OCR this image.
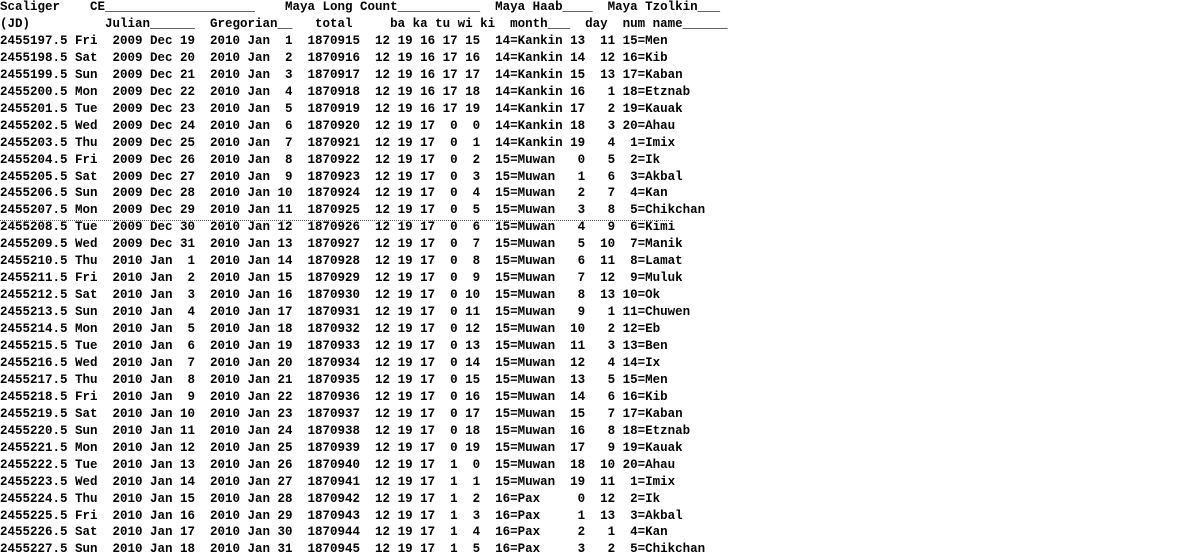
Scaliger    CE____________________    Maya Long Count___________  Maya Haab____  Maya Tzolkin___
(JD)          Julian______  Gregorian__   total     ba ka tu wi ki  month___  day  num name______
2455197.5 Fri  2009 Dec 19  2010 Jan  1  1870915  12 19 16 17 15  14=Kankin 13  11 15=Men
2455198.5 Sat  2009 Dec 20  2010 Jan  2  1870916  12 19 16 17 16  14=Kankin 14  12 16=Kib
2455199.5 Sun  2009 Dec 21  2010 Jan  3  1870917  12 19 16 17 17  14=Kankin 15  13 17=Kaban
2455200.5 Mon  2009 Dec 22  2010 Jan  4  1870918  12 19 16 17 18  14=Kankin 16   1 18=Etznab
2455201.5 Tue  2009 Dec 23  2010 Jan  5  1870919  12 19 16 17 19  14=Kankin 17   2 19=Kauak
2455202.5 Wed  2009 Dec 24  2010 Jan  6  1870920  12 19 17  0  0  14=Kankin 18   3 20=Ahau
2455203.5 Thu  2009 Dec 25  2010 Jan  7  1870921  12 19 17  0  1  14=Kankin 19   4  1=Imix
2455204.5 Fri  2009 Dec 26  2010 Jan  8  1870922  12 19 17  0  2  15=Muwan   0   5  2=Ik
2455205.5 Sat  2009 Dec 27  2010 Jan  9  1870923  12 19 17  0  3  15=Muwan   1   6  3=Akbal
2455206.5 Sun  2009 Dec 28  2010 Jan 10  1870924  12 19 17  0  4  15=Muwan   2   7  4=Kan
2455207.5 Mon  2009 Dec 29  2010 Jan 11  1870925  12 19 17  0  5  15=Muwan   3   8  5=Chikchan
2455208.5 Tue  2009 Dec 30  2010 Jan 12  1870926  12 19 17  0  6  15=Muwan   4   9  6=Kimi
2455209.5 Wed  2009 Dec 31  2010 Jan 13  1870927  12 19 17  0  7  15=Muwan   5  10  7=Manik
2455210.5 Thu  2010 Jan  1  2010 Jan 14  1870928  12 19 17  0  8  15=Muwan   6  11  8=Lamat
2455211.5 Fri  2010 Jan  2  2010 Jan 15  1870929  12 19 17  0  9  15=Muwan   7  12  9=Muluk
2455212.5 Sat  2010 Jan  3  2010 Jan 16  1870930  12 19 17  0 10  15=Muwan   8  13 10=Ok
2455213.5 Sun  2010 Jan  4  2010 Jan 17  1870931  12 19 17  0 11  15=Muwan   9   1 11=Chuwen
2455214.5 Mon  2010 Jan  5  2010 Jan 18  1870932  12 19 17  0 12  15=Muwan  10   2 12=Eb
2455215.5 Tue  2010 Jan  6  2010 Jan 19  1870933  12 19 17  0 13  15=Muwan  11   3 13=Ben
2455216.5 Wed  2010 Jan  7  2010 Jan 20  1870934  12 19 17  0 14  15=Muwan  12   4 14=Ix
2455217.5 Thu  2010 Jan  8  2010 Jan 21  1870935  12 19 17  0 15  15=Muwan  13   5 15=Men
2455218.5 Fri  2010 Jan  9  2010 Jan 22  1870936  12 19 17  0 16  15=Muwan  14   6 16=Kib
2455219.5 Sat  2010 Jan 10  2010 Jan 23  1870937  12 19 17  0 17  15=Muwan  15   7 17=Kaban
2455220.5 Sun  2010 Jan 11  2010 Jan 24  1870938  12 19 17  0 18  15=Muwan  16   8 18=Etznab
2455221.5 Mon  2010 Jan 12  2010 Jan 25  1870939  12 19 17  0 19  15=Muwan  17   9 19=Kauak
2455222.5 Tue  2010 Jan 13  2010 Jan 26  1870940  12 19 17  1  0  15=Muwan  18  10 20=Ahau
2455223.5 Wed  2010 Jan 14  2010 Jan 27  1870941  12 19 17  1  1  15=Muwan  19  11  1=Imix
2455224.5 Thu  2010 Jan 15  2010 Jan 28  1870942  12 19 17  1  2  16=Pax     0  12  2=Ik
2455225.5 Fri  2010 Jan 16  2010 Jan 29  1870943  12 19 17  1  3  16=Pax     1  13  3=Akbal
2455226.5 Sat  2010 Jan 17  2010 Jan 30  1870944  12 19 17  1  4  16=Pax     2   1  4=Kan
2455227.5 Sun  2010 Jan 18  2010 Jan 31  1870945  12 19 17  1  5  16=Pax     3   2  5=Chikchan
